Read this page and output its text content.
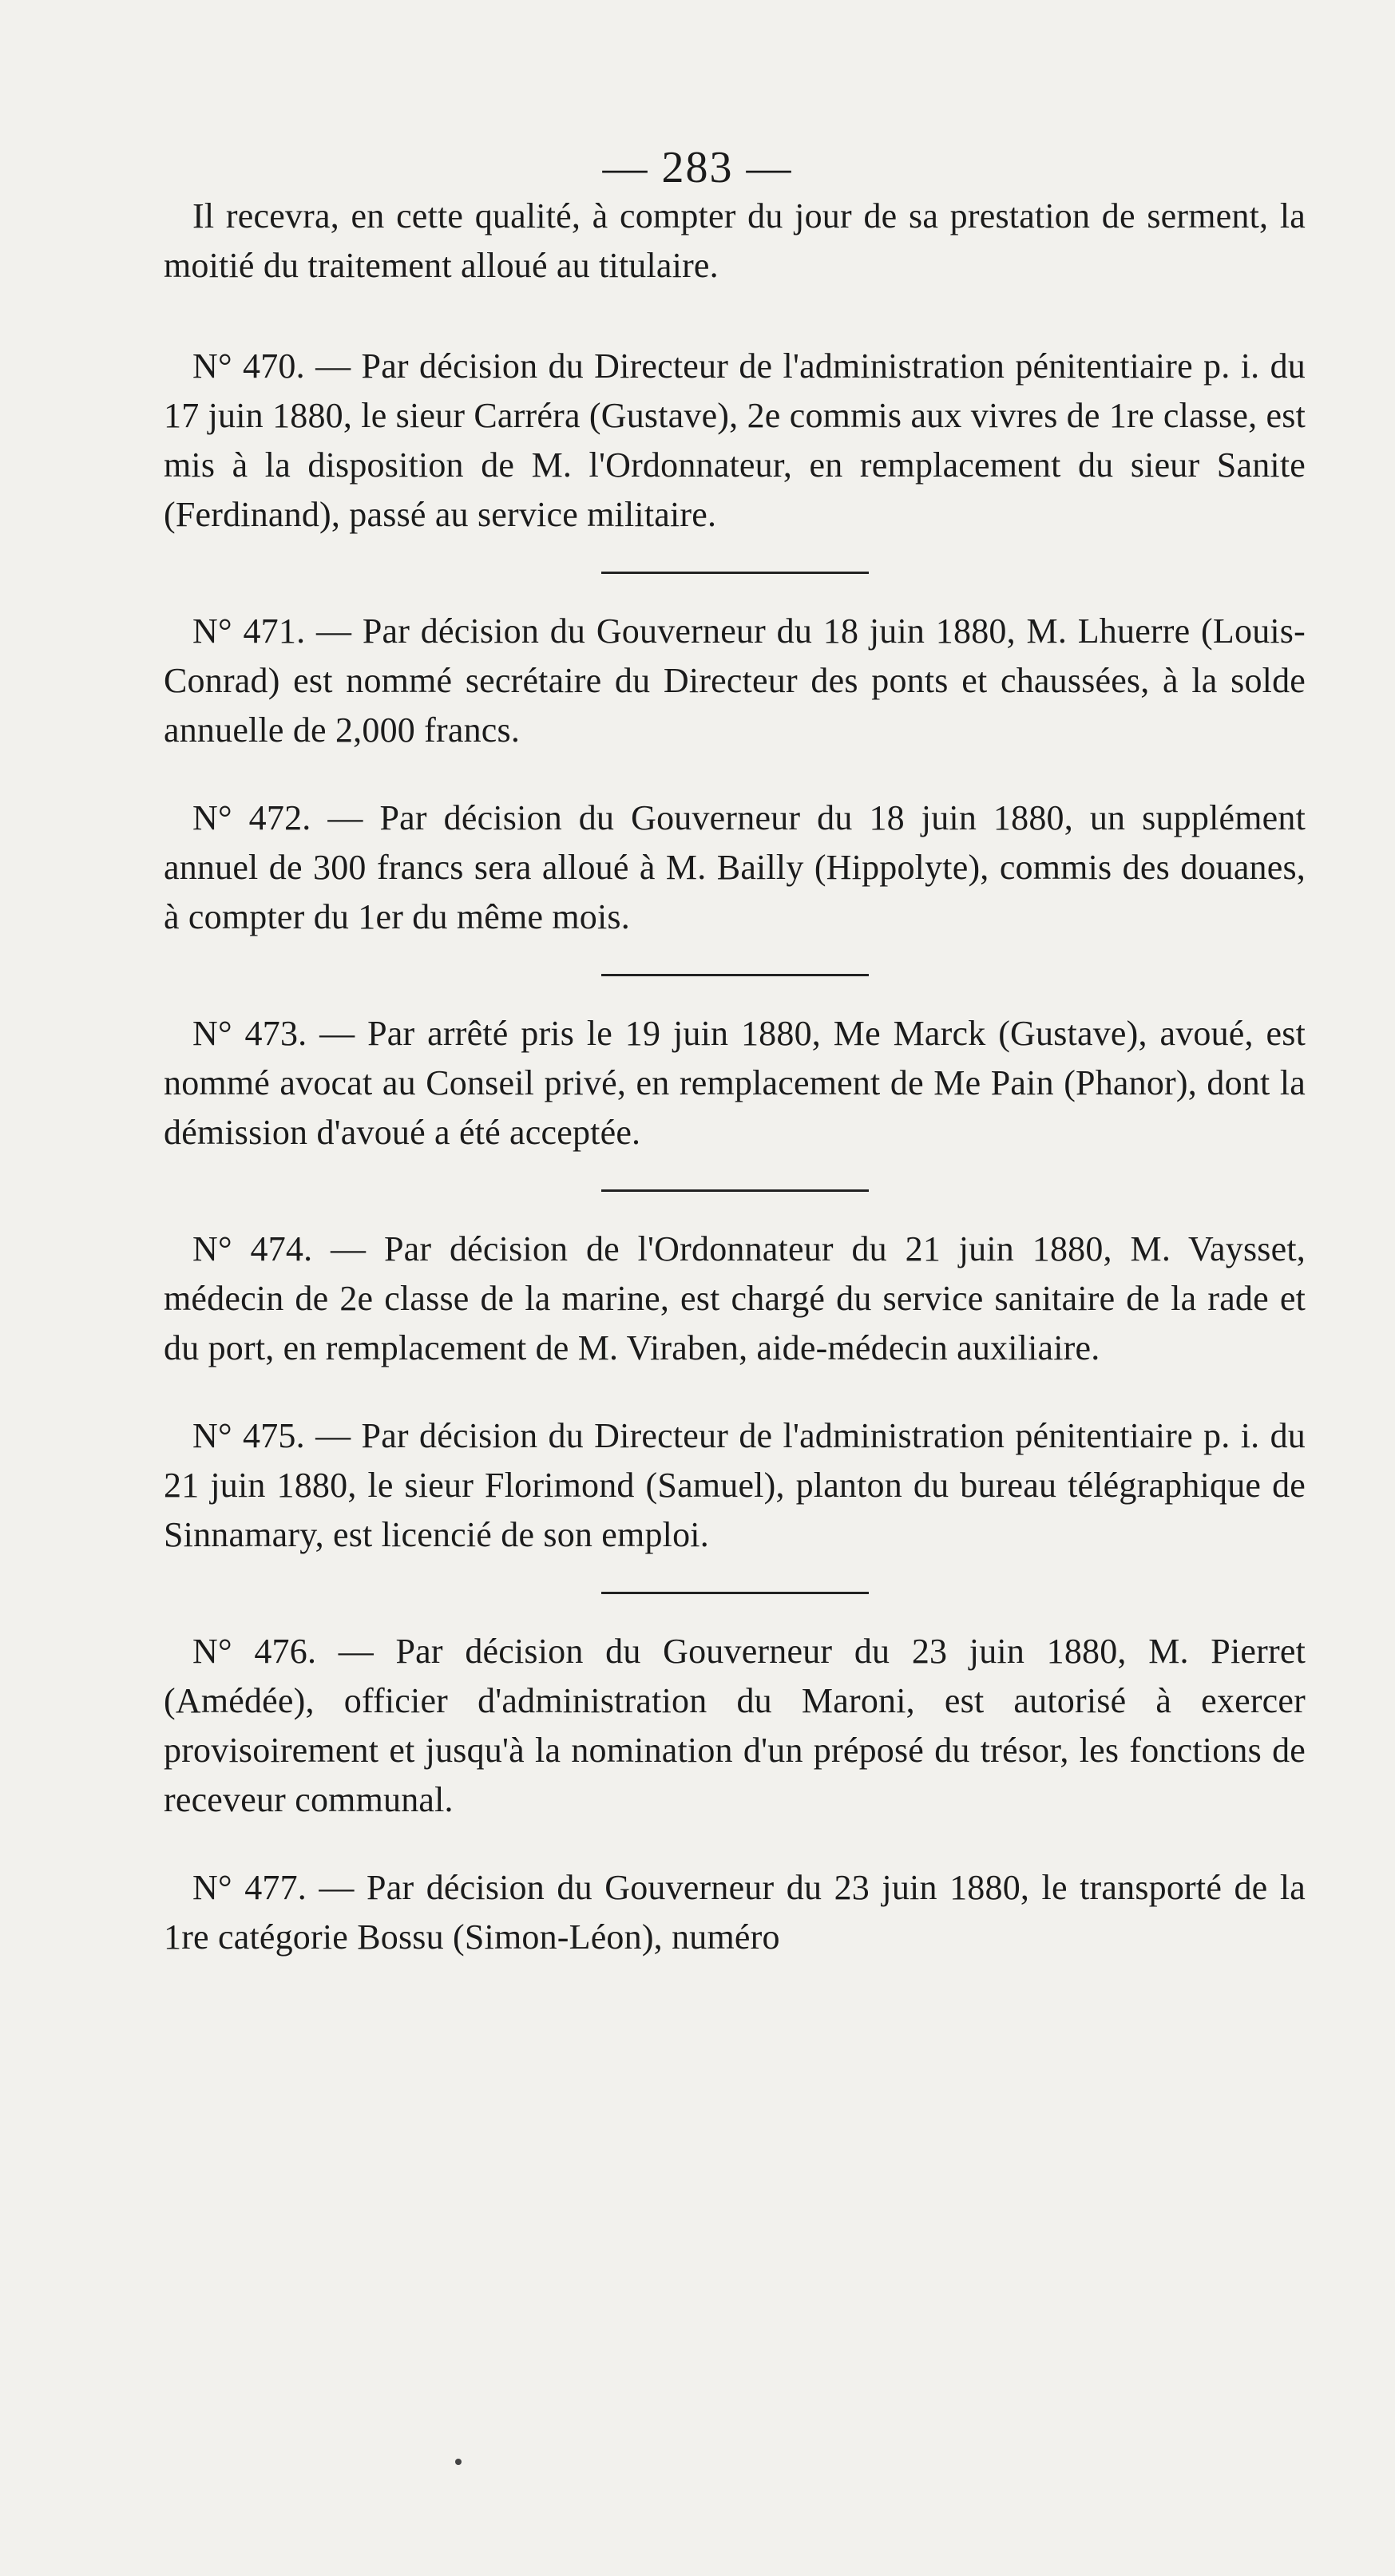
— 283 —

Il recevra, en cette qualité, à compter du jour de sa prestation de serment, la moitié du traitement alloué au titulaire.

N° 470. — Par décision du Directeur de l'administration pénitentiaire p. i. du 17 juin 1880, le sieur Carréra (Gustave), 2e commis aux vivres de 1re classe, est mis à la disposition de M. l'Ordonnateur, en remplacement du sieur Sanite (Ferdinand), passé au service militaire.

N° 471. — Par décision du Gouverneur du 18 juin 1880, M. Lhuerre (Louis-Conrad) est nommé secrétaire du Directeur des ponts et chaussées, à la solde annuelle de 2,000 francs.

N° 472. — Par décision du Gouverneur du 18 juin 1880, un supplément annuel de 300 francs sera alloué à M. Bailly (Hippolyte), commis des douanes, à compter du 1er du même mois.

N° 473. — Par arrêté pris le 19 juin 1880, Me Marck (Gustave), avoué, est nommé avocat au Conseil privé, en remplacement de Me Pain (Phanor), dont la démission d'avoué a été acceptée.

N° 474. — Par décision de l'Ordonnateur du 21 juin 1880, M. Vaysset, médecin de 2e classe de la marine, est chargé du service sanitaire de la rade et du port, en remplacement de M. Viraben, aide-médecin auxiliaire.

N° 475. — Par décision du Directeur de l'administration pénitentiaire p. i. du 21 juin 1880, le sieur Florimond (Samuel), planton du bureau télégraphique de Sinnamary, est licencié de son emploi.

N° 476. — Par décision du Gouverneur du 23 juin 1880, M. Pierret (Amédée), officier d'administration du Maroni, est autorisé à exercer provisoirement et jusqu'à la nomination d'un préposé du trésor, les fonctions de receveur communal.

N° 477. — Par décision du Gouverneur du 23 juin 1880, le transporté de la 1re catégorie Bossu (Simon-Léon), numéro
